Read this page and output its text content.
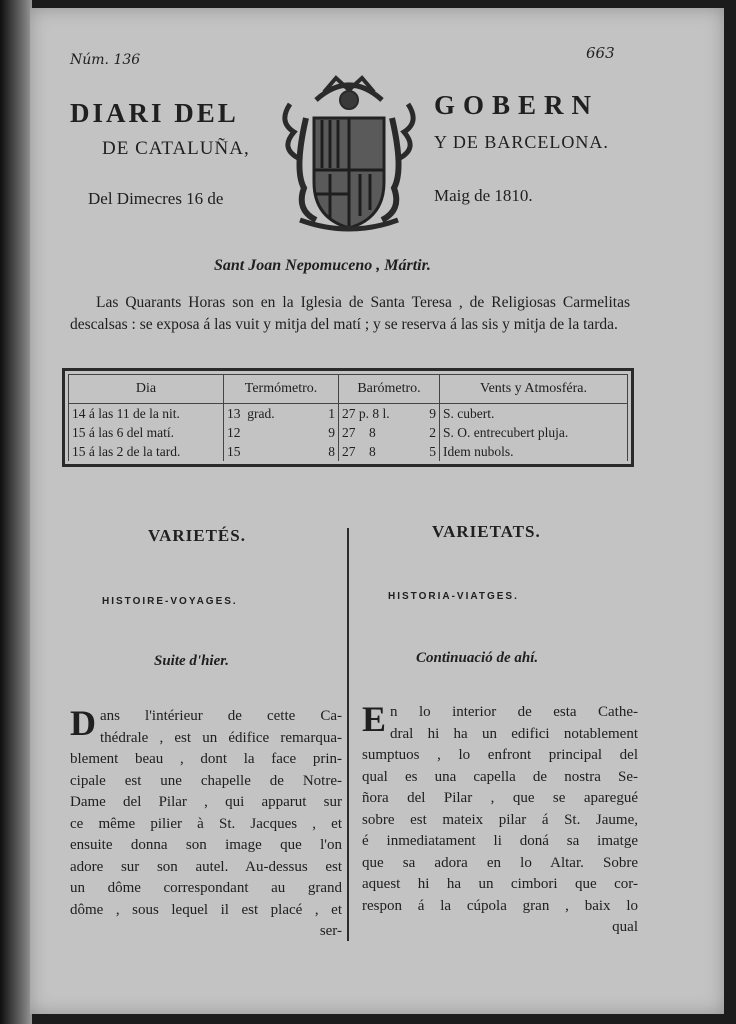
Núm. 136	663
DIARI DEL	GOBERN
DE CATALUÑA,	Y DE BARCELONA.
Del Dimecres 16 de	Maig de 1810.
Sant Joan Nepomuceno , Mártir.
Las Quarants Horas son en la Iglesia de Santa Teresa , de Religiosas Carmelitas descalsas : se exposa á las vuit y mitja del matí ; y se reserva á las sis y mitja de la tarda.
Dia	Termómetro.	Barómetro.	Vents y Atmosféra.
14 á las 11 de la nit.	13 grad. 1	27 p. 8 l. 9	S. cubert.
15 á las 6 del matí.	12 9	27 8 2	S. O. entrecubert pluja.
15 á las 2 de la tard.	15 8	27 8 5	Idem nubols.
VARIETÉS.
HISTOIRE-VOYAGES.
Suite d'hier.
D ans l'intérieur de cette Ca-
thédrale , est un édifice remarqua-
blement beau , dont la face prin-
cipale est une chapelle de Notre-
Dame del Pilar , qui apparut sur
ce même pilier à St. Jacques , et
ensuite donna son image que l'on
adore sur son autel. Au-dessus est
un dôme correspondant au grand
dôme , sous lequel il est placé , et
ser-
VARIETATS.
HISTORIA-VIATGES.
Continuació de ahí.
E n lo interior de esta Cathe-
dral hi ha un edifici notablement
sumptuos , lo enfront principal del
qual es una capella de nostra Se-
ñora del Pilar , que se aparegué
sobre est mateix pilar á St. Jaume,
é inmediatament li doná sa imatge
que sa adora en lo Altar. Sobre
aquest hi ha un cimbori que cor-
respon á la cúpola gran , baix lo
qual
